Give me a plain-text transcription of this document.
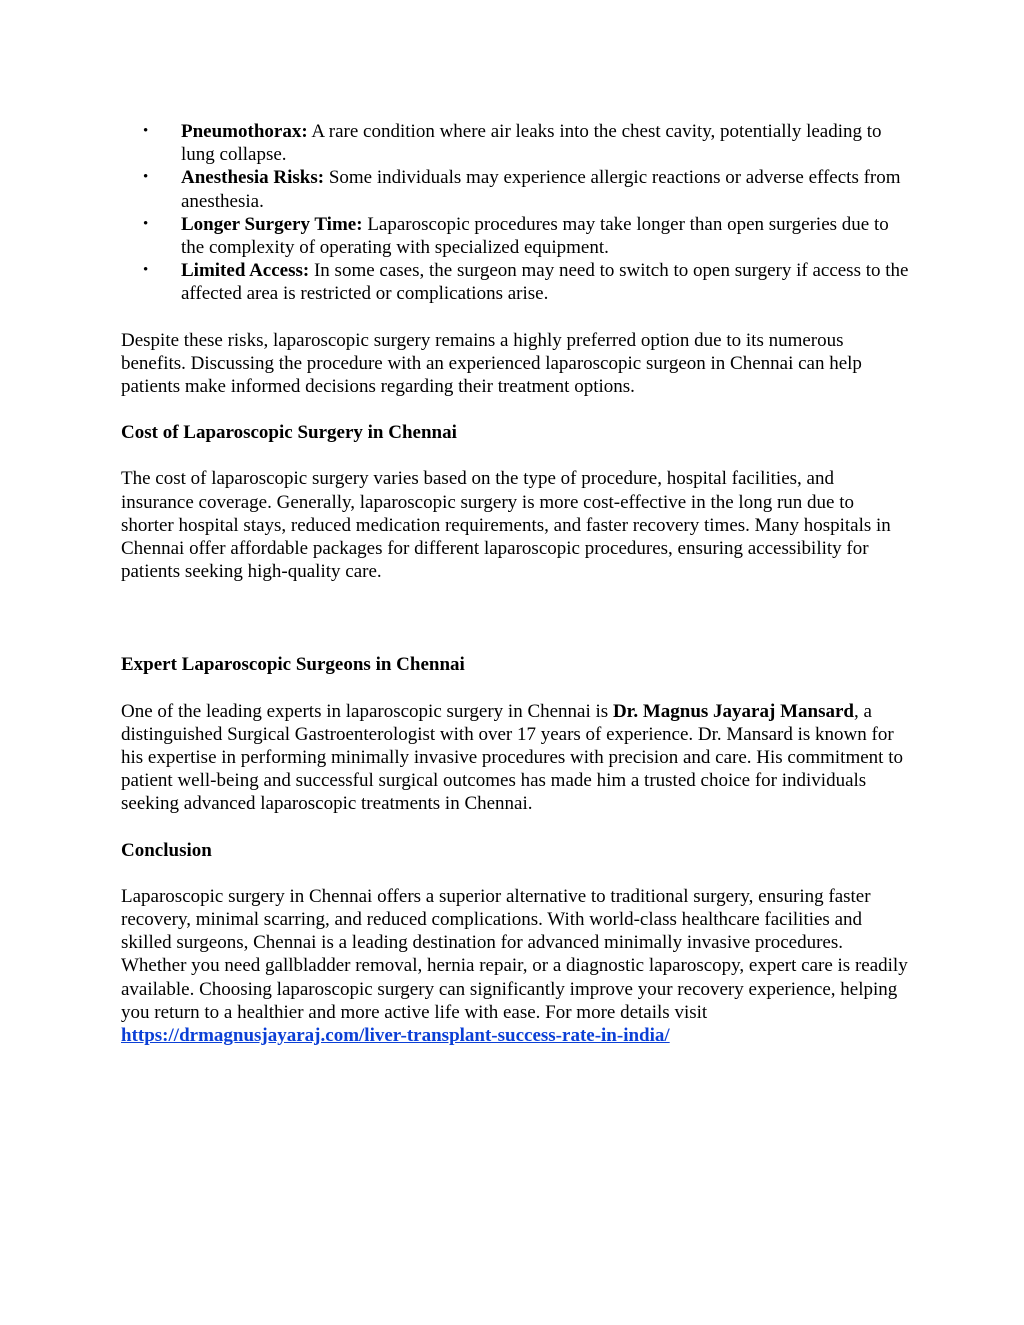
• Pneumothorax: A rare condition where air leaks into the chest cavity, potentially leading to lung collapse.
• Anesthesia Risks: Some individuals may experience allergic reactions or adverse effects from anesthesia.
• Longer Surgery Time: Laparoscopic procedures may take longer than open surgeries due to the complexity of operating with specialized equipment.
• Limited Access: In some cases, the surgeon may need to switch to open surgery if access to the affected area is restricted or complications arise.

Despite these risks, laparoscopic surgery remains a highly preferred option due to its numerous benefits. Discussing the procedure with an experienced laparoscopic surgeon in Chennai can help patients make informed decisions regarding their treatment options.

Cost of Laparoscopic Surgery in Chennai

The cost of laparoscopic surgery varies based on the type of procedure, hospital facilities, and insurance coverage. Generally, laparoscopic surgery is more cost-effective in the long run due to shorter hospital stays, reduced medication requirements, and faster recovery times. Many hospitals in Chennai offer affordable packages for different laparoscopic procedures, ensuring accessibility for patients seeking high-quality care.

Expert Laparoscopic Surgeons in Chennai

One of the leading experts in laparoscopic surgery in Chennai is Dr. Magnus Jayaraj Mansard, a distinguished Surgical Gastroenterologist with over 17 years of experience. Dr. Mansard is known for his expertise in performing minimally invasive procedures with precision and care. His commitment to patient well-being and successful surgical outcomes has made him a trusted choice for individuals seeking advanced laparoscopic treatments in Chennai.

Conclusion

Laparoscopic surgery in Chennai offers a superior alternative to traditional surgery, ensuring faster recovery, minimal scarring, and reduced complications. With world-class healthcare facilities and skilled surgeons, Chennai is a leading destination for advanced minimally invasive procedures. Whether you need gallbladder removal, hernia repair, or a diagnostic laparoscopy, expert care is readily available. Choosing laparoscopic surgery can significantly improve your recovery experience, helping you return to a healthier and more active life with ease. For more details visit https://drmagnusjayaraj.com/liver-transplant-success-rate-in-india/
